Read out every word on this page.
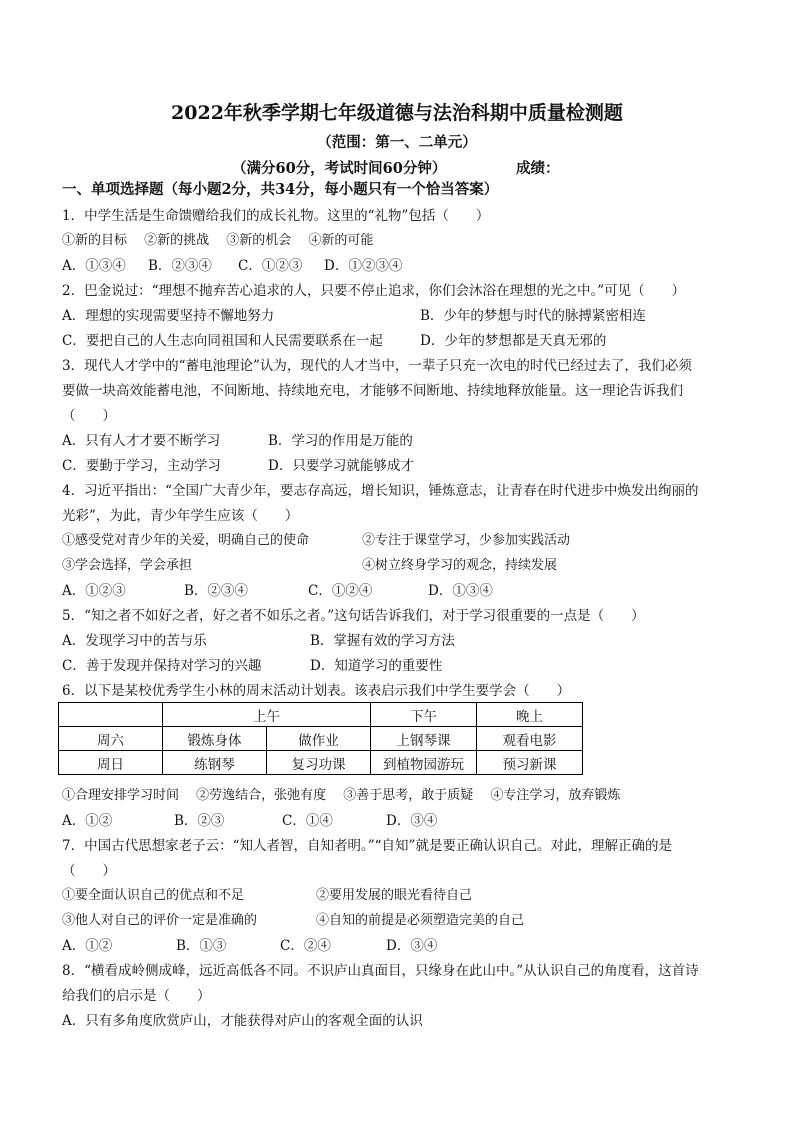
2022年秋季学期七年级道德与法治科期中质量检测题
（范围：第一、二单元）
（满分60分，考试时间60分钟）	成绩：
一、单项选择题（每小题2分，共34分，每小题只有一个恰当答案）
1．中学生活是生命馈赠给我们的成长礼物。这里的“礼物”包括（　　）
①新的目标　 ②新的挑战　 ③新的机会　 ④新的可能
A．①③④ B．②③④ C．①②③ D．①②③④
2．巴金说过：“理想不抛弃苦心追求的人，只要不停止追求，你们会沐浴在理想的光之中。”可见（　　）
A．理想的实现需要坚持不懈地努力	B．少年的梦想与时代的脉搏紧密相连
C．要把自己的人生志向同祖国和人民需要联系在一起	D．少年的梦想都是天真无邪的
3．现代人才学中的“蓄电池理论”认为，现代的人才当中，一辈子只充一次电的时代已经过去了，我们必须
要做一块高效能蓄电池，不间断地、持续地充电，才能够不间断地、持续地释放能量。这一理论告诉我们
（　　）
A．只有人才才要不断学习	B．学习的作用是万能的
C．要勤于学习，主动学习	D．只要学习就能够成才
4．习近平指出：“全国广大青少年，要志存高远，增长知识，锤炼意志，让青春在时代进步中焕发出绚丽的
光彩”，为此，青少年学生应该（　　）
①感受党对青少年的关爱，明确自己的使命	②专注于课堂学习，少参加实践活动
③学会选择，学会承担	④树立终身学习的观念，持续发展
A．①②③	B．②③④	C．①②④	D．①③④
5．“知之者不如好之者，好之者不如乐之者。”这句话告诉我们，对于学习很重要的一点是（　　）
A．发现学习中的苦与乐	B．掌握有效的学习方法
C．善于发现并保持对学习的兴趣	D．知道学习的重要性
6．以下是某校优秀学生小林的周末活动计划表。该表启示我们中学生要学会（　　）
	上午		下午	晚上
周六	锻炼身体	做作业	上钢琴课	观看电影
周日	练钢琴	复习功课	到植物园游玩	预习新课
①合理安排学习时间　 ②劳逸结合，张弛有度　 ③善于思考，敢于质疑　 ④专注学习，放弃锻炼
A．①②	B．②③	C．①④	D．③④
7．中国古代思想家老子云：“知人者智，自知者明。”“自知”就是要正确认识自己。对此，理解正确的是
（　　）
①要全面认识自己的优点和不足	②要用发展的眼光看待自己
③他人对自己的评价一定是准确的	④自知的前提是必须塑造完美的自己
A．①②	B．①③	C．②④	D．③④
8．“横看成岭侧成峰，远近高低各不同。不识庐山真面目，只缘身在此山中。”从认识自己的角度看，这首诗
给我们的启示是（　　）
A．只有多角度欣赏庐山，才能获得对庐山的客观全面的认识
